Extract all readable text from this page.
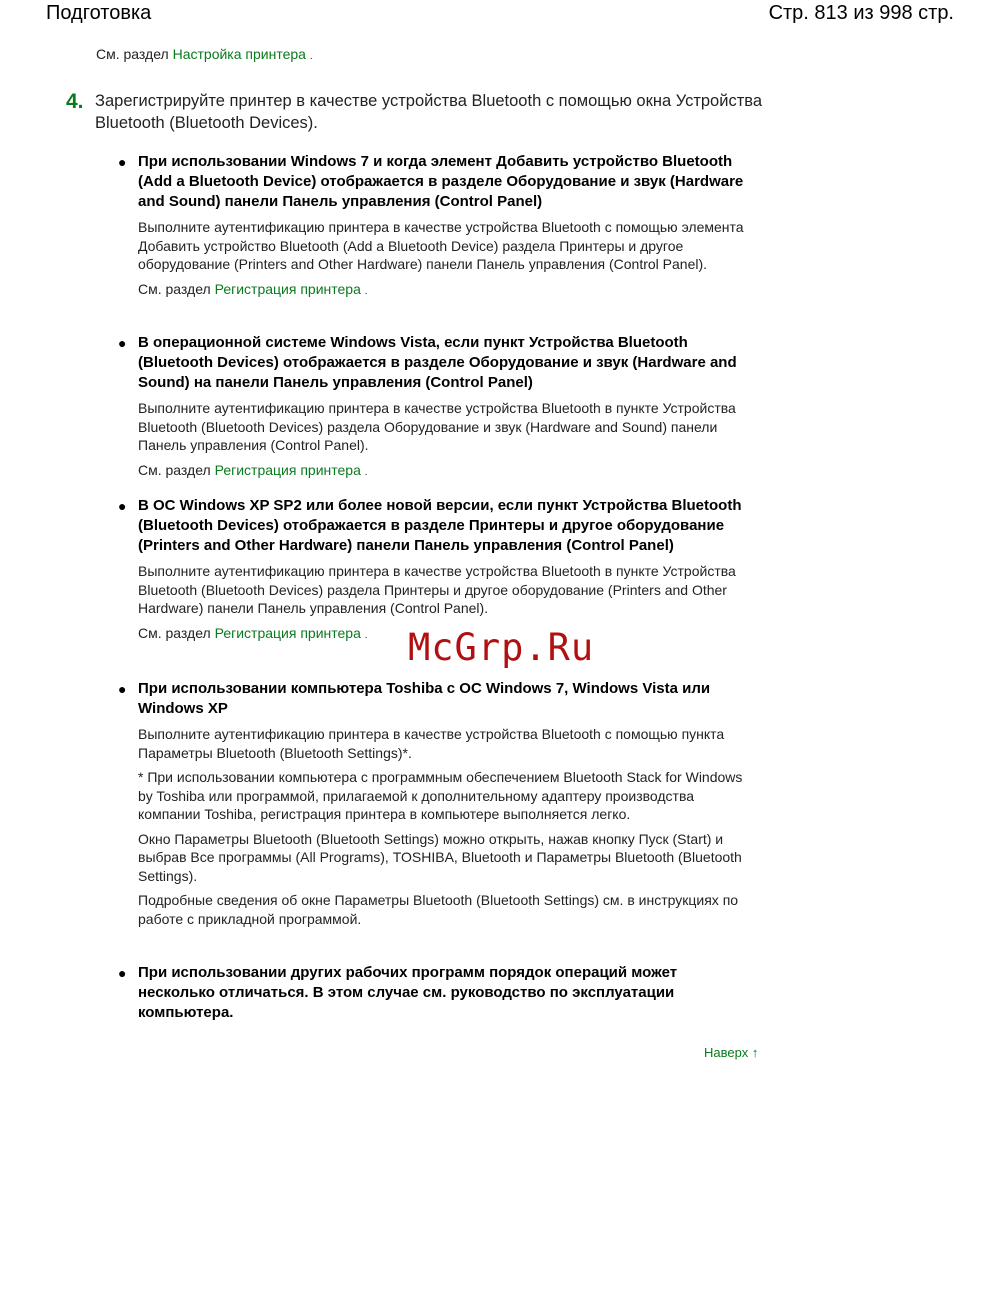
Подготовка	Стр. 813 из 998 стр.
См. раздел Настройка принтера .
4. Зарегистрируйте принтер в качестве устройства Bluetooth с помощью окна Устройства Bluetooth (Bluetooth Devices).
● При использовании Windows 7 и когда элемент Добавить устройство Bluetooth (Add a Bluetooth Device) отображается в разделе Оборудование и звук (Hardware and Sound) панели Панель управления (Control Panel)
Выполните аутентификацию принтера в качестве устройства Bluetooth с помощью элемента Добавить устройство Bluetooth (Add a Bluetooth Device) раздела Принтеры и другое оборудование (Printers and Other Hardware) панели Панель управления (Control Panel).
См. раздел Регистрация принтера .
● В операционной системе Windows Vista, если пункт Устройства Bluetooth (Bluetooth Devices) отображается в разделе Оборудование и звук (Hardware and Sound) на панели Панель управления (Control Panel)
Выполните аутентификацию принтера в качестве устройства Bluetooth в пункте Устройства Bluetooth (Bluetooth Devices) раздела Оборудование и звук (Hardware and Sound) панели Панель управления (Control Panel).
См. раздел Регистрация принтера .
● В ОС Windows XP SP2 или более новой версии, если пункт Устройства Bluetooth (Bluetooth Devices) отображается в разделе Принтеры и другое оборудование (Printers and Other Hardware) панели Панель управления (Control Panel)
Выполните аутентификацию принтера в качестве устройства Bluetooth в пункте Устройства Bluetooth (Bluetooth Devices) раздела Принтеры и другое оборудование (Printers and Other Hardware) панели Панель управления (Control Panel).
См. раздел Регистрация принтера .
● При использовании компьютера Toshiba с ОС Windows 7, Windows Vista или Windows XP
Выполните аутентификацию принтера в качестве устройства Bluetooth с помощью пункта Параметры Bluetooth (Bluetooth Settings)*.
* При использовании компьютера с программным обеспечением Bluetooth Stack for Windows by Toshiba или программой, прилагаемой к дополнительному адаптеру производства компании Toshiba, регистрация принтера в компьютере выполняется легко.
Окно Параметры Bluetooth (Bluetooth Settings) можно открыть, нажав кнопку Пуск (Start) и выбрав Все программы (All Programs), TOSHIBA, Bluetooth и Параметры Bluetooth (Bluetooth Settings).
Подробные сведения об окне Параметры Bluetooth (Bluetooth Settings) см. в инструкциях по работе с прикладной программой.
● При использовании других рабочих программ порядок операций может несколько отличаться. В этом случае см. руководство по эксплуатации компьютера.
Наверх ↑
McGrp.Ru
